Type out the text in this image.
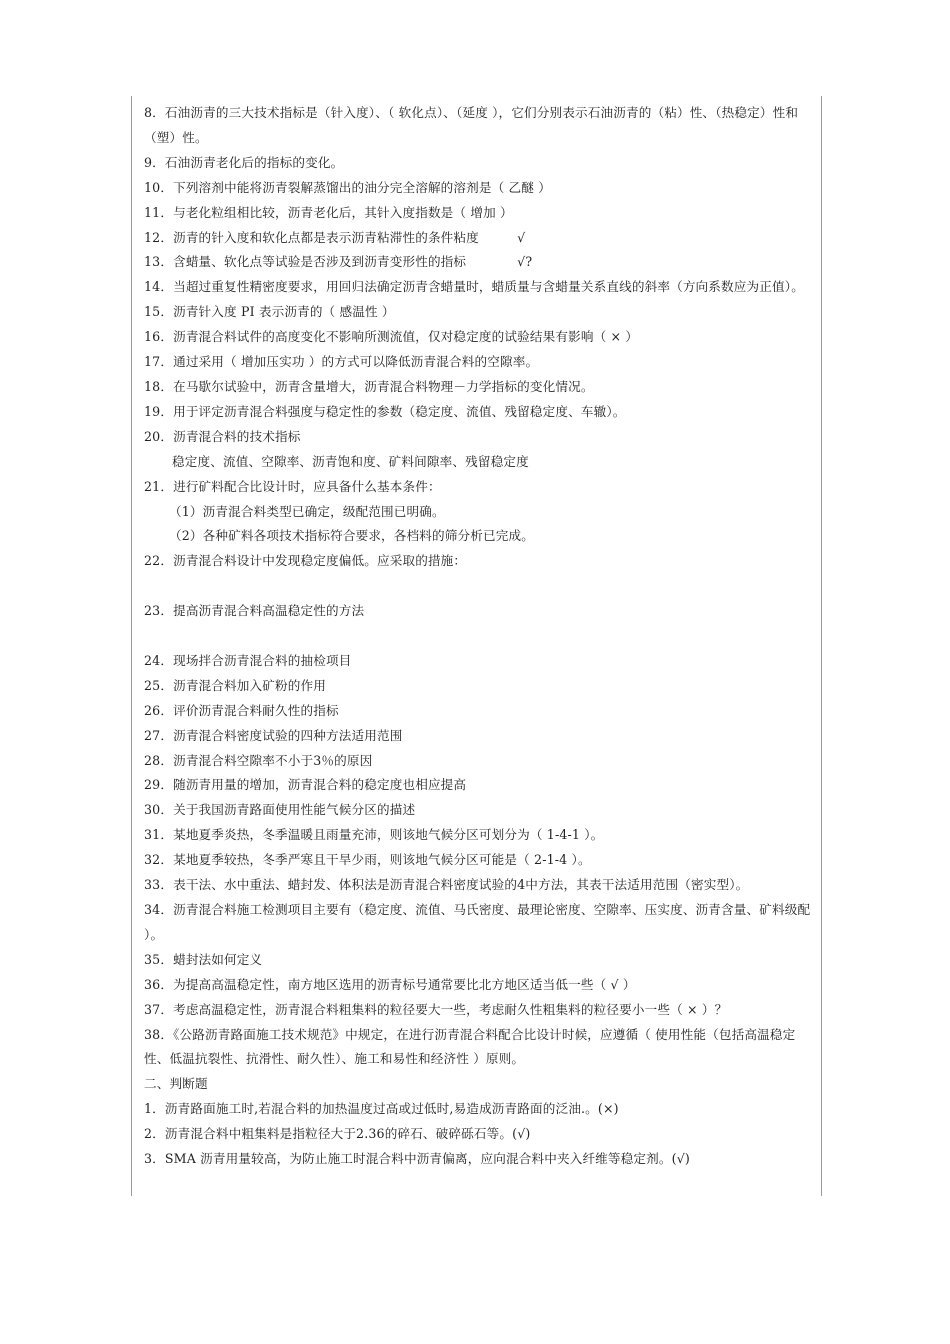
8．石油沥青的三大技术指标是（针入度）、（ 软化点）、（延度 ），它们分别表示石油沥青的（粘）性、（热稳定）性和（塑）性。

9．石油沥青老化后的指标的变化。

10．下列溶剂中能将沥青裂解蒸馏出的油分完全溶解的溶剂是（ 乙醚 ）

11．与老化粒组相比较，沥青老化后，其针入度指数是（ 增加 ）

12．沥青的针入度和软化点都是表示沥青粘滞性的条件粘度　　　√

13．含蜡量、软化点等试验是否涉及到沥青变形性的指标　　　　√?

14．当超过重复性精密度要求，用回归法确定沥青含蜡量时，蜡质量与含蜡量关系直线的斜率（方向系数应为正值）。

15．沥青针入度 PI 表示沥青的（ 感温性 ）

16．沥青混合料试件的高度变化不影响所测流值，仅对稳定度的试验结果有影响（ × ）

17．通过采用（ 增加压实功 ）的方式可以降低沥青混合料的空隙率。

18．在马歇尔试验中，沥青含量增大，沥青混合料物理－力学指标的变化情况。

19．用于评定沥青混合料强度与稳定性的参数（稳定度、流值、残留稳定度、车辙）。

20．沥青混合料的技术指标

稳定度、流值、空隙率、沥青饱和度、矿料间隙率、残留稳定度

21．进行矿料配合比设计时，应具备什么基本条件：

（1）沥青混合料类型已确定，级配范围已明确。

（2）各种矿料各项技术指标符合要求，各档料的筛分析已完成。

22．沥青混合料设计中发现稳定度偏低。应采取的措施：

23．提高沥青混合料高温稳定性的方法

24．现场拌合沥青混合料的抽检项目

25．沥青混合料加入矿粉的作用

26．评价沥青混合料耐久性的指标

27．沥青混合料密度试验的四种方法适用范围

28．沥青混合料空隙率不小于3％的原因

29．随沥青用量的增加，沥青混合料的稳定度也相应提高

30．关于我国沥青路面使用性能气候分区的描述

31．某地夏季炎热，冬季温暖且雨量充沛，则该地气候分区可划分为（ 1-4-1 ）。

32．某地夏季较热，冬季严寒且干旱少雨，则该地气候分区可能是（ 2-1-4 ）。

33．表干法、水中重法、蜡封发、体积法是沥青混合料密度试验的4中方法，其表干法适用范围（密实型）。

34．沥青混合料施工检测项目主要有（稳定度、流值、马氏密度、最理论密度、空隙率、压实度、沥青含量、矿料级配 ）。

35．蜡封法如何定义

36．为提高高温稳定性，南方地区选用的沥青标号通常要比北方地区适当低一些（ √ ）

37．考虑高温稳定性，沥青混合料粗集料的粒径要大一些，考虑耐久性粗集料的粒径要小一些（ × ）？

38．《公路沥青路面施工技术规范》中规定，在进行沥青混合料配合比设计时候，应遵循（ 使用性能（包括高温稳定性、低温抗裂性、抗滑性、耐久性）、施工和易性和经济性 ）原则。

二、判断题

1．沥青路面施工时,若混合料的加热温度过高或过低时,易造成沥青路面的泛油.。(×)

2．沥青混合料中粗集料是指粒径大于2.36的碎石、破碎砾石等。(√)

3．SMA 沥青用量较高，为防止施工时混合料中沥青偏离，应向混合料中夹入纤维等稳定剂。(√)
